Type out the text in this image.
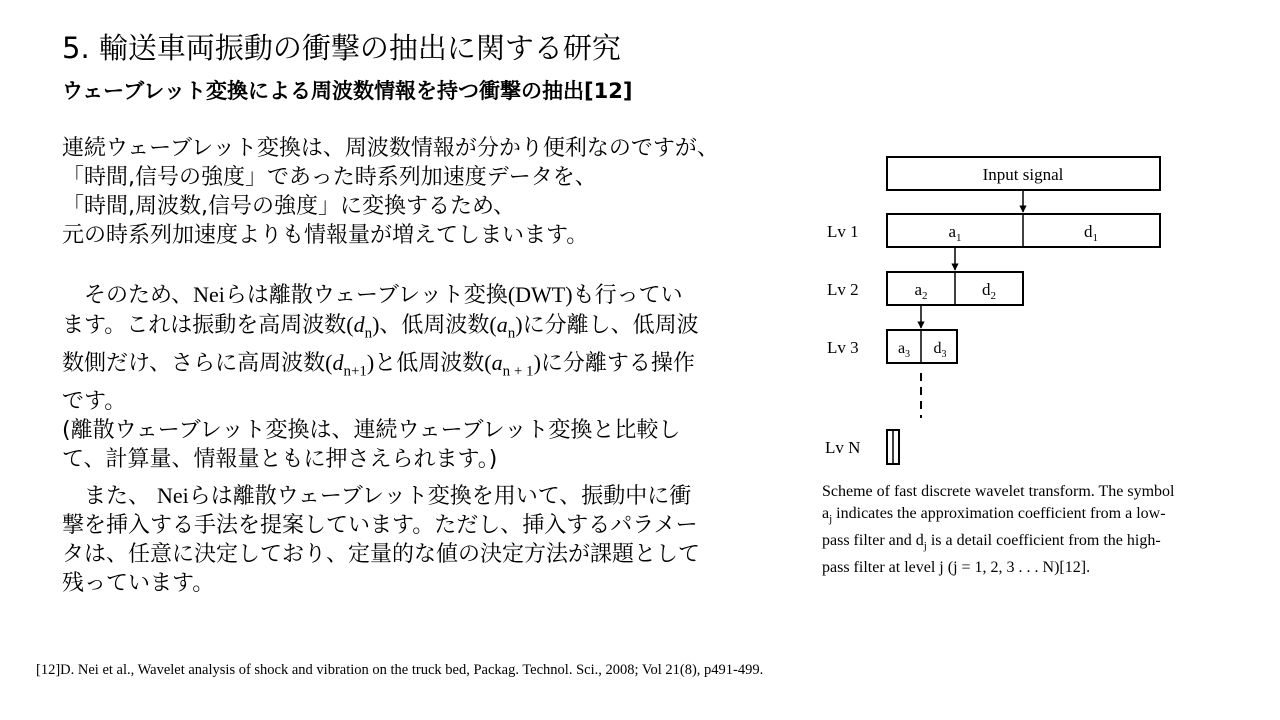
5. 輸送車両振動の衝撃の抽出に関する研究
ウェーブレット変換による周波数情報を持つ衝撃の抽出[12]
連続ウェーブレット変換は、周波数情報が分かり便利なのですが、
「時間,信号の強度」であった時系列加速度データを、
「時間,周波数,信号の強度」に変換するため、
元の時系列加速度よりも情報量が増えてしまいます。
そのため、Neiらは離散ウェーブレット変換(DWT)も行ってい
ます。これは振動を高周波数$(d_n)$、低周波数$(a_n)$に分離し、低周波
数側だけ、さらに高周波数$(d_{n+1})$と低周波数$(a_{n + 1})$に分離する操作
です。
(離散ウェーブレット変換は、連続ウェーブレット変換と比較し
て、計算量、情報量ともに押さえられます。)
また、 Neiらは離散ウェーブレット変換を用いて、振動中に衝
撃を挿入する手法を提案しています。ただし、挿入するパラメー
タは、任意に決定しており、定量的な値の決定方法が課題として
残っています。
Input signal
Lv 1	$a_1$	$d_1$
Lv 2	$a_2$	$d_2$
Lv 3 $a_3$ $d_3$
Lv N
Scheme of fast discrete wavelet transform. The symbol
$a_j$ indicates the approximation coefficient from a low-
pass filter and $d_j$ is a detail coefficient from the high-
pass filter at level j (j = 1, 2, 3 . . . N)[12].
[12]D. Nei et al., Wavelet analysis of shock and vibration on the truck bed, Packag. Technol. Sci., 2008; Vol 21(8), p491-499.
